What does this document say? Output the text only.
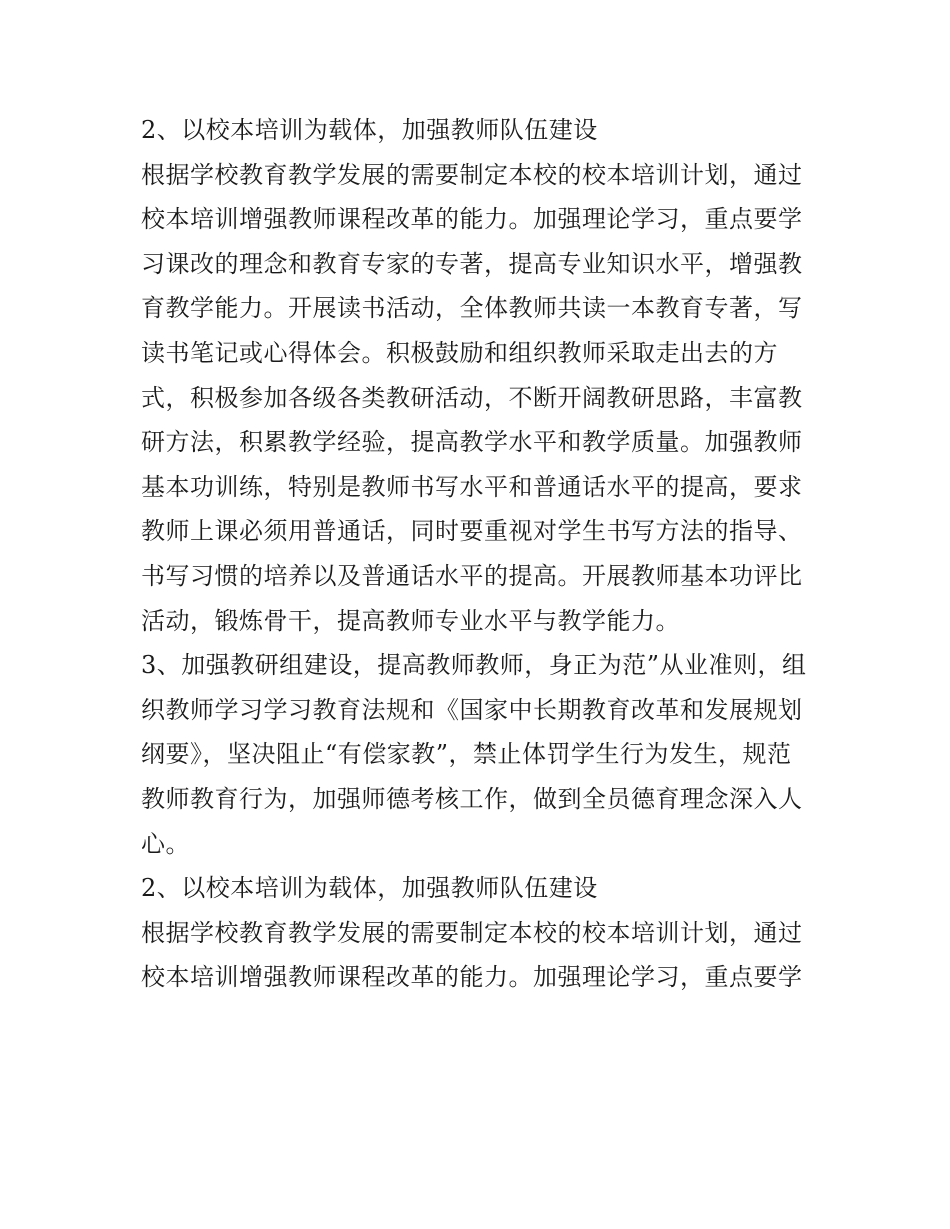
2、以校本培训为载体，加强教师队伍建设
根据学校教育教学发展的需要制定本校的校本培训计划，通过
校本培训增强教师课程改革的能力。加强理论学习，重点要学
习课改的理念和教育专家的专著，提高专业知识水平，增强教
育教学能力。开展读书活动，全体教师共读一本教育专著，写
读书笔记或心得体会。积极鼓励和组织教师采取走出去的方
式，积极参加各级各类教研活动，不断开阔教研思路，丰富教
研方法，积累教学经验，提高教学水平和教学质量。加强教师
基本功训练，特别是教师书写水平和普通话水平的提高，要求
教师上课必须用普通话，同时要重视对学生书写方法的指导、
书写习惯的培养以及普通话水平的提高。开展教师基本功评比
活动，锻炼骨干，提高教师专业水平与教学能力。
3、加强教研组建设，提高教师教师，身正为范”从业准则，组
织教师学习学习教育法规和《国家中长期教育改革和发展规划
纲要》，坚决阻止“有偿家教”，禁止体罚学生行为发生，规范
教师教育行为，加强师德考核工作，做到全员德育理念深入人
心。
2、以校本培训为载体，加强教师队伍建设
根据学校教育教学发展的需要制定本校的校本培训计划，通过
校本培训增强教师课程改革的能力。加强理论学习，重点要学
